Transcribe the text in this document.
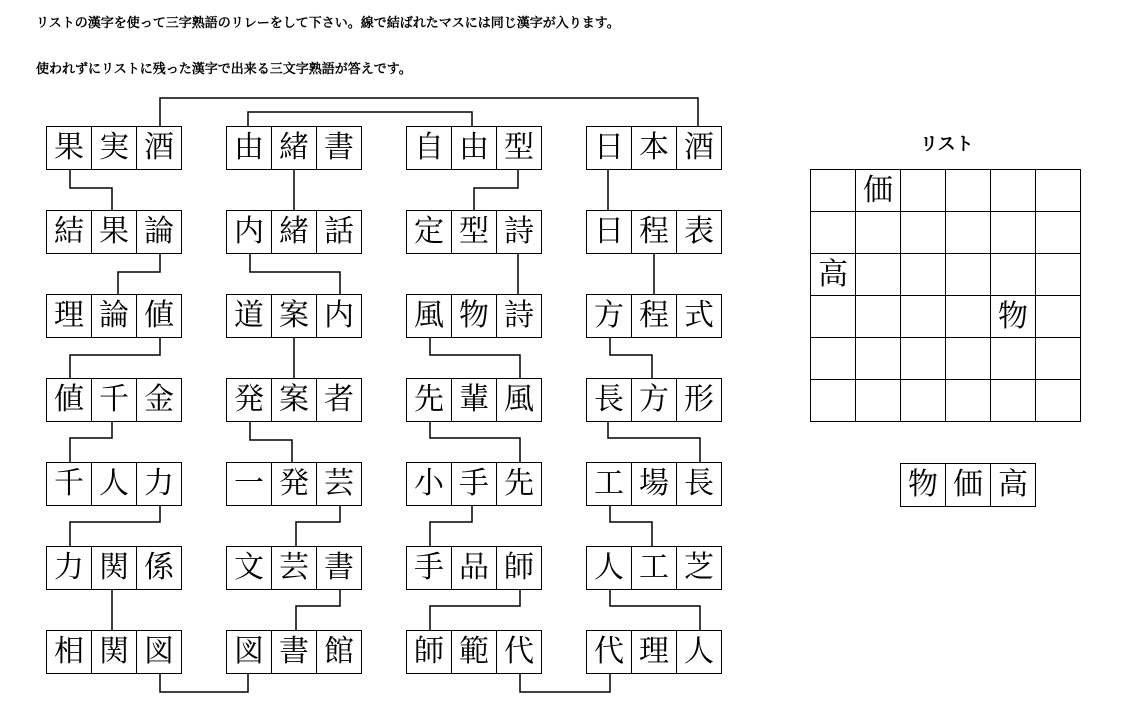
リストの漢字を使って三字熟語のリレーをして下さい。線で結ばれたマスには同じ漢字が入ります。
使われずにリストに残った漢字で出来る三文字熟語が答えです。
果 実 酒
結 果 論
理 論 値
値 千 金
千 人 力
力 関 係
相 関 図
由 緒 書
内 緒 話
道 案 内
発 案 者
一 発 芸
文 芸 書
図 書 館
自 由 型
定 型 詩
風 物 詩
先 輩 風
小 手 先
手 品 師
師 範 代
日 本 酒
日 程 表
方 程 式
長 方 形
工 場 長
人 工 芝
代 理 人
リスト
	価				

高					
				物	

物 価 高
